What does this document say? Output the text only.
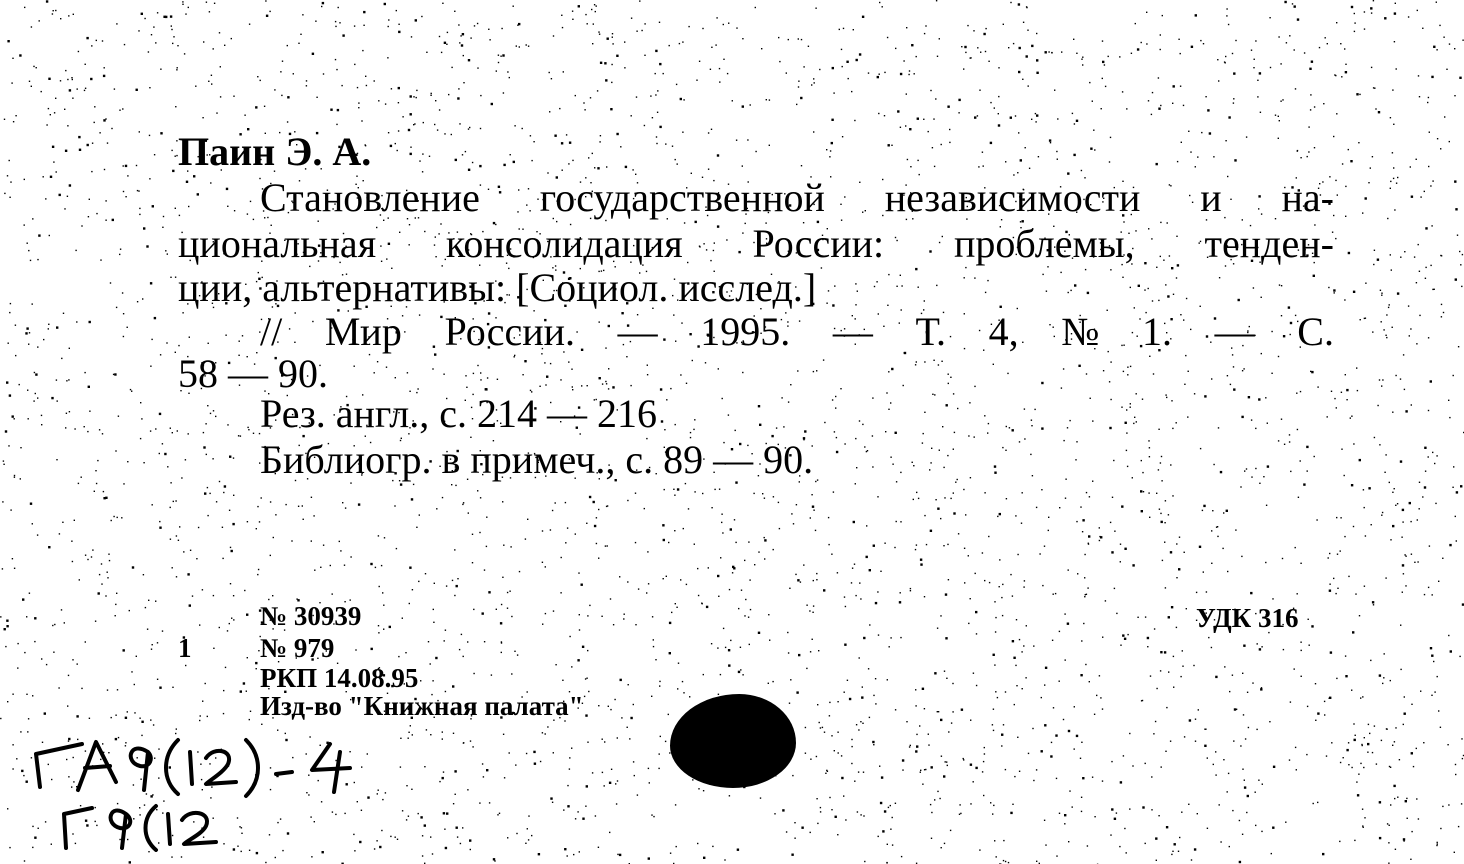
Паин Э. А.
Становление государственной независимости и на-
циональная консолидация России: проблемы, тенден-
ции, альтернативы: [Социол. исслед.]
// Мир России. — 1995. — Т. 4, № 1. — С.
58 — 90.
Рез. англ., с. 214 — 216
Библиогр. в примеч., с. 89 — 90.
1
№ 30939
№ 979
РКП 14.08.95
Изд-во "Книжная палата"
УДК 316
